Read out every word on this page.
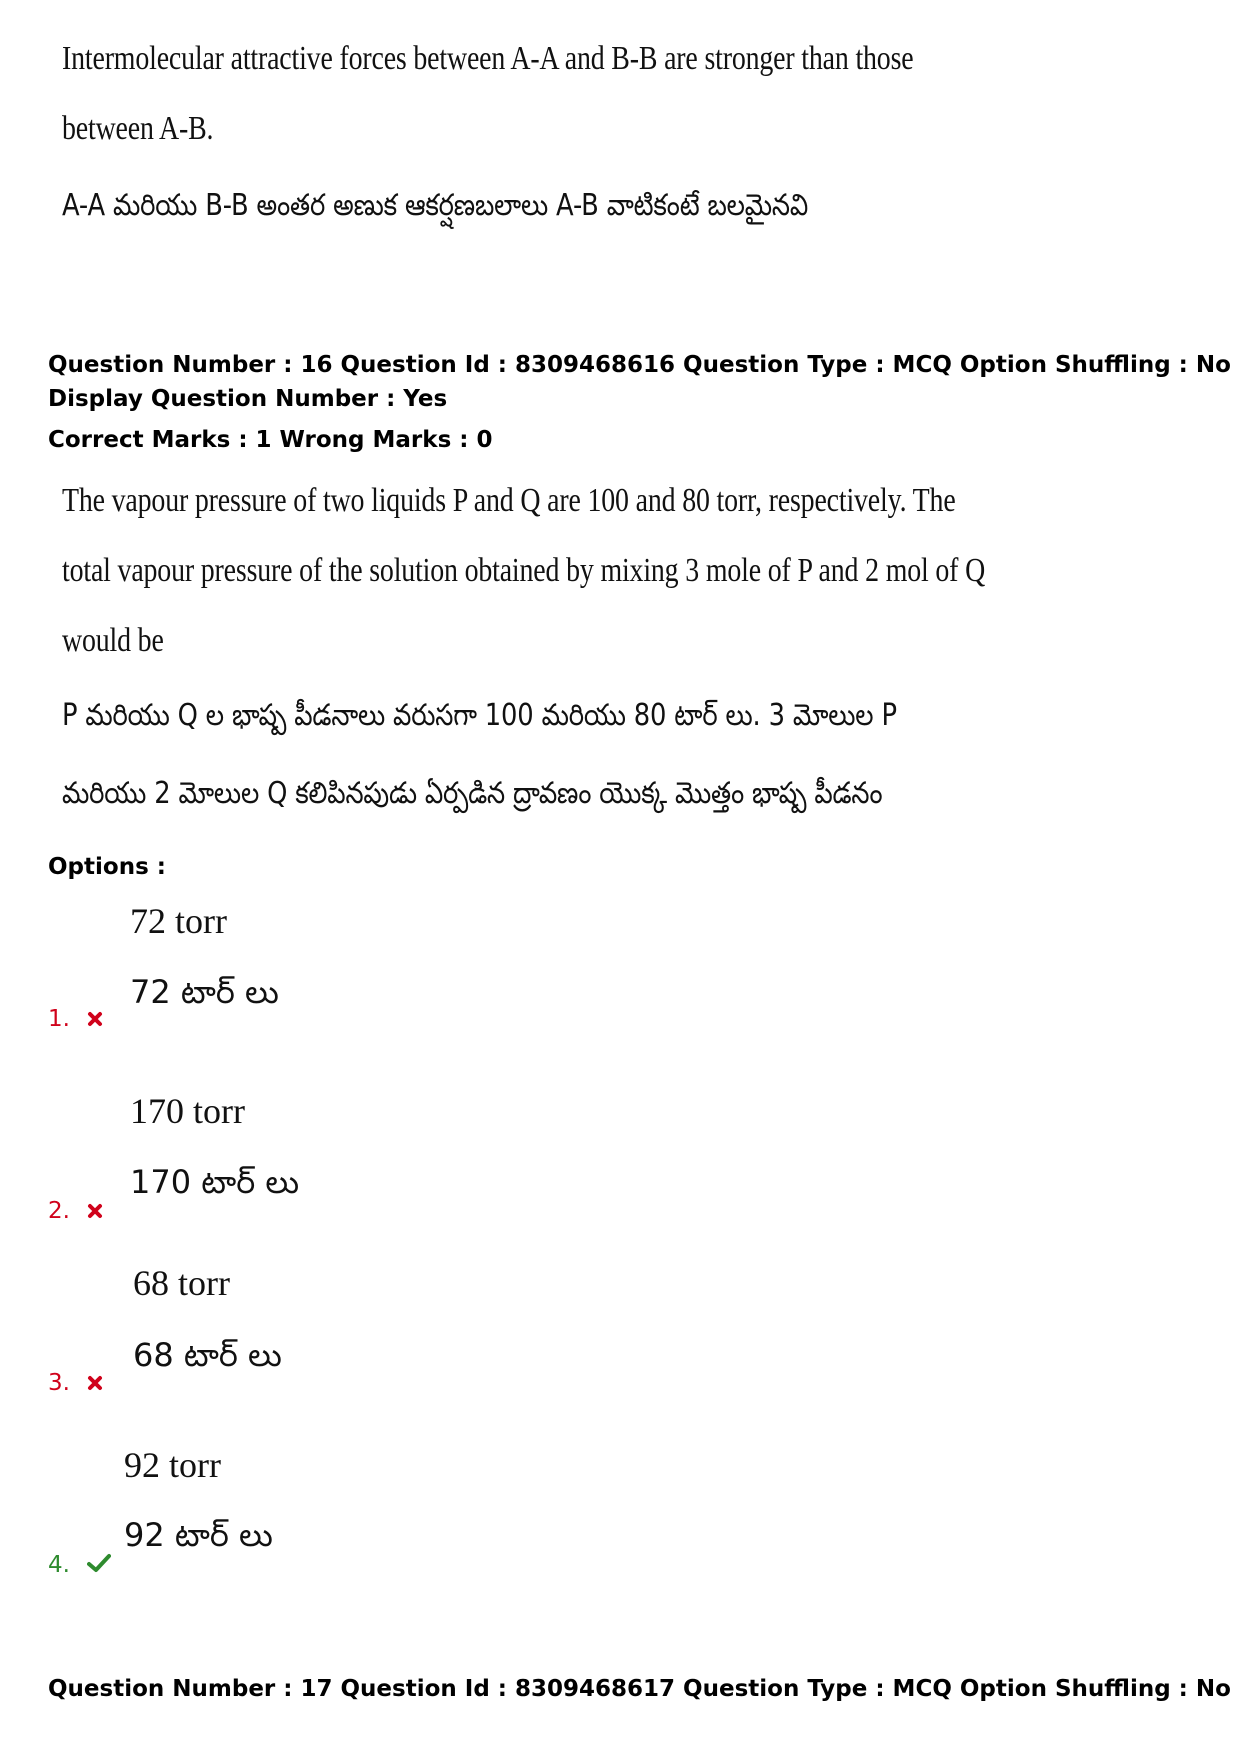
Intermolecular attractive forces between A-A and B-B are stronger than those
between A-B.
A-A మరియు B-B అంతర అణుక ఆకర్షణబలాలు A-B వాటికంటే బలమైనవి
Question Number : 16 Question Id : 8309468616 Question Type : MCQ Option Shuffling : No
Display Question Number : Yes
Correct Marks : 1 Wrong Marks : 0
The vapour pressure of two liquids P and Q are 100 and 80 torr, respectively. The
total vapour pressure of the solution obtained by mixing 3 mole of P and 2 mol of Q
would be
P మరియు Q ల భాష్ప పీడనాలు వరుసగా 100 మరియు 80 టార్ లు. 3 మోలుల P
మరియు 2 మోలుల Q కలిపినపుడు ఏర్పడిన ద్రావణం యొక్క మొత్తం భాష్ప పీడనం
Options :
72 torr
72 టార్ లు
1.
170 torr
170 టార్ లు
2.
68 torr
68 టార్ లు
3.
92 torr
92 టార్ లు
4.
Question Number : 17 Question Id : 8309468617 Question Type : MCQ Option Shuffling : No
